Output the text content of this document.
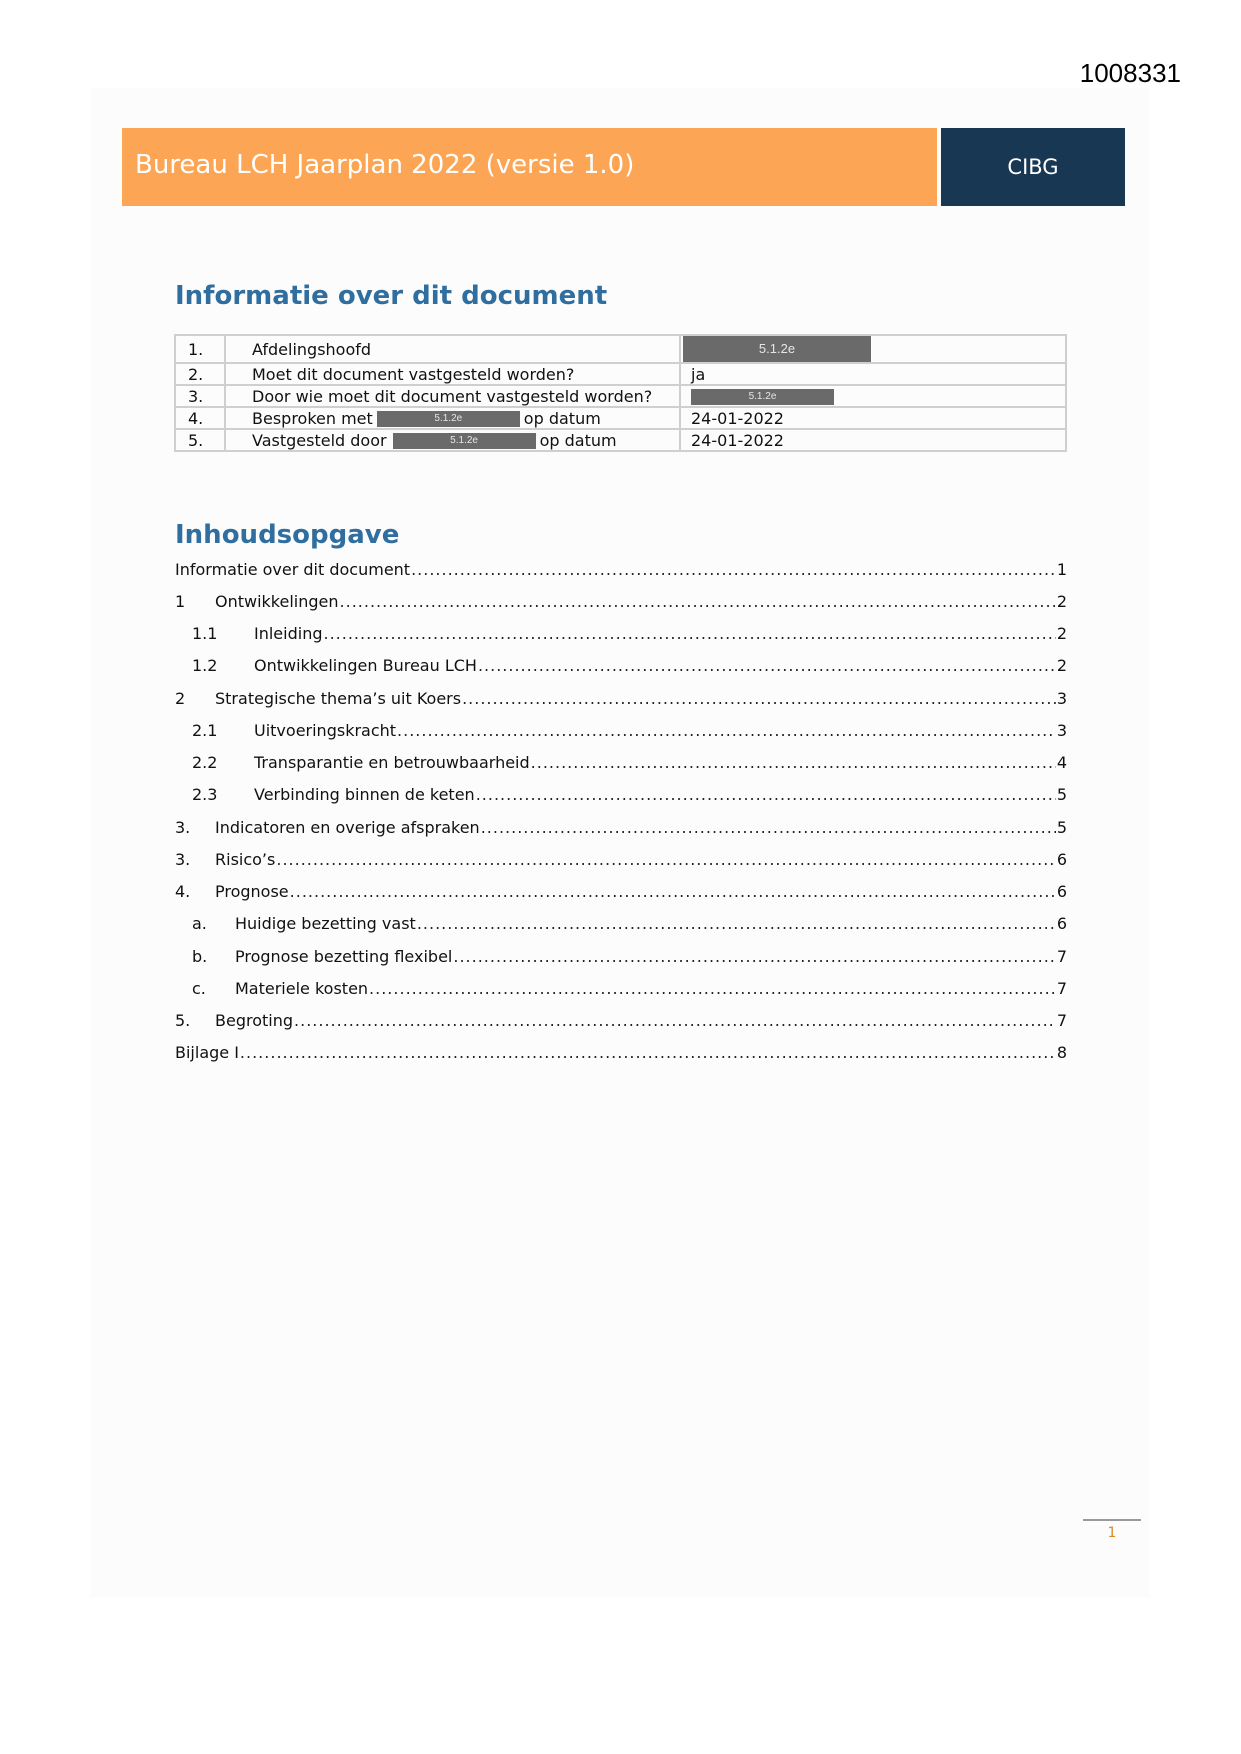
1008331
Bureau LCH Jaarplan 2022 (versie 1.0)	CIBG
Informatie over dit document
1.	Afdelingshoofd	5.1.2e
2.	Moet dit document vastgesteld worden?	ja
3.	Door wie moet dit document vastgesteld worden?	5.1.2e
4.	Besproken met 5.1.2e op datum	24-01-2022
5.	Vastgesteld door 5.1.2e op datum	24-01-2022
Inhoudsopgave
Informatie over dit document .....	1
1	Ontwikkelingen .....	2
1.1	Inleiding .....	2
1.2	Ontwikkelingen Bureau LCH .....	2
2	Strategische thema’s uit Koers .....	3
2.1	Uitvoeringskracht .....	3
2.2	Transparantie en betrouwbaarheid .....	4
2.3	Verbinding binnen de keten .....	5
3.	Indicatoren en overige afspraken .....	5
3.	Risico’s .....	6
4.	Prognose .....	6
a.	Huidige bezetting vast .....	6
b.	Prognose bezetting flexibel .....	7
c.	Materiele kosten .....	7
5.	Begroting .....	7
Bijlage I .....	8
1
